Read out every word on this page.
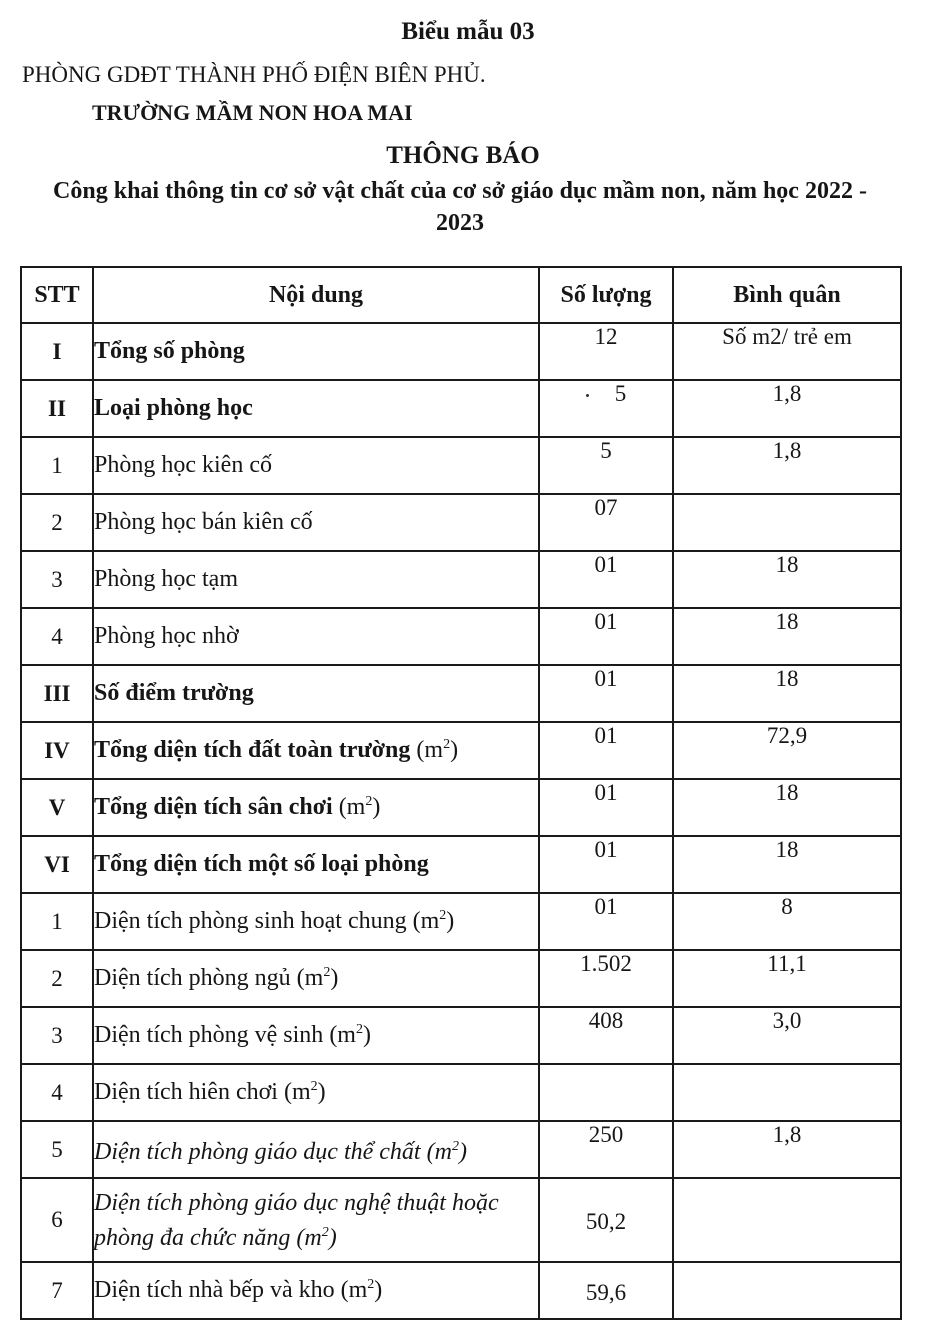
Biểu mẫu 03
PHÒNG GDĐT THÀNH PHỐ ĐIỆN BIÊN PHỦ.
TRƯỜNG MẦM NON HOA MAI
THÔNG BÁO
Công khai thông tin cơ sở vật chất của cơ sở giáo dục mầm non, năm học 2022 - 2023
STT	Nội dung	Số lượng	Bình quân
I	Tổng số phòng	12	Số m2/ trẻ em
II	Loại phòng học	5	1,8
1	Phòng học kiên cố	5	1,8
2	Phòng học bán kiên cố	07	
3	Phòng học tạm	01	18
4	Phòng học nhờ	01	18
III	Số điểm trường	01	18
IV	Tổng diện tích đất toàn trường $(m^2)$	01	72,9
V	Tổng diện tích sân chơi $(m^2)$	01	18
VI	Tổng diện tích một số loại phòng	01	18
1	Diện tích phòng sinh hoạt chung $(m^2)$	01	8
2	Diện tích phòng ngủ $(m^2)$	1.502	11,1
3	Diện tích phòng vệ $\sinh (m^2)$	408	3,0
4	Diện tích hiên chơi $(m^2)$		
5	Diện tích phòng giáo dục thể chất $(m^2)$	250	1,8
6	Diện tích phòng giáo dục nghệ thuật hoặc phòng đa chức năng $(m^2)$	50,2	
7	Diện tích nhà bếp và kho $(m^2)$	59,6	
